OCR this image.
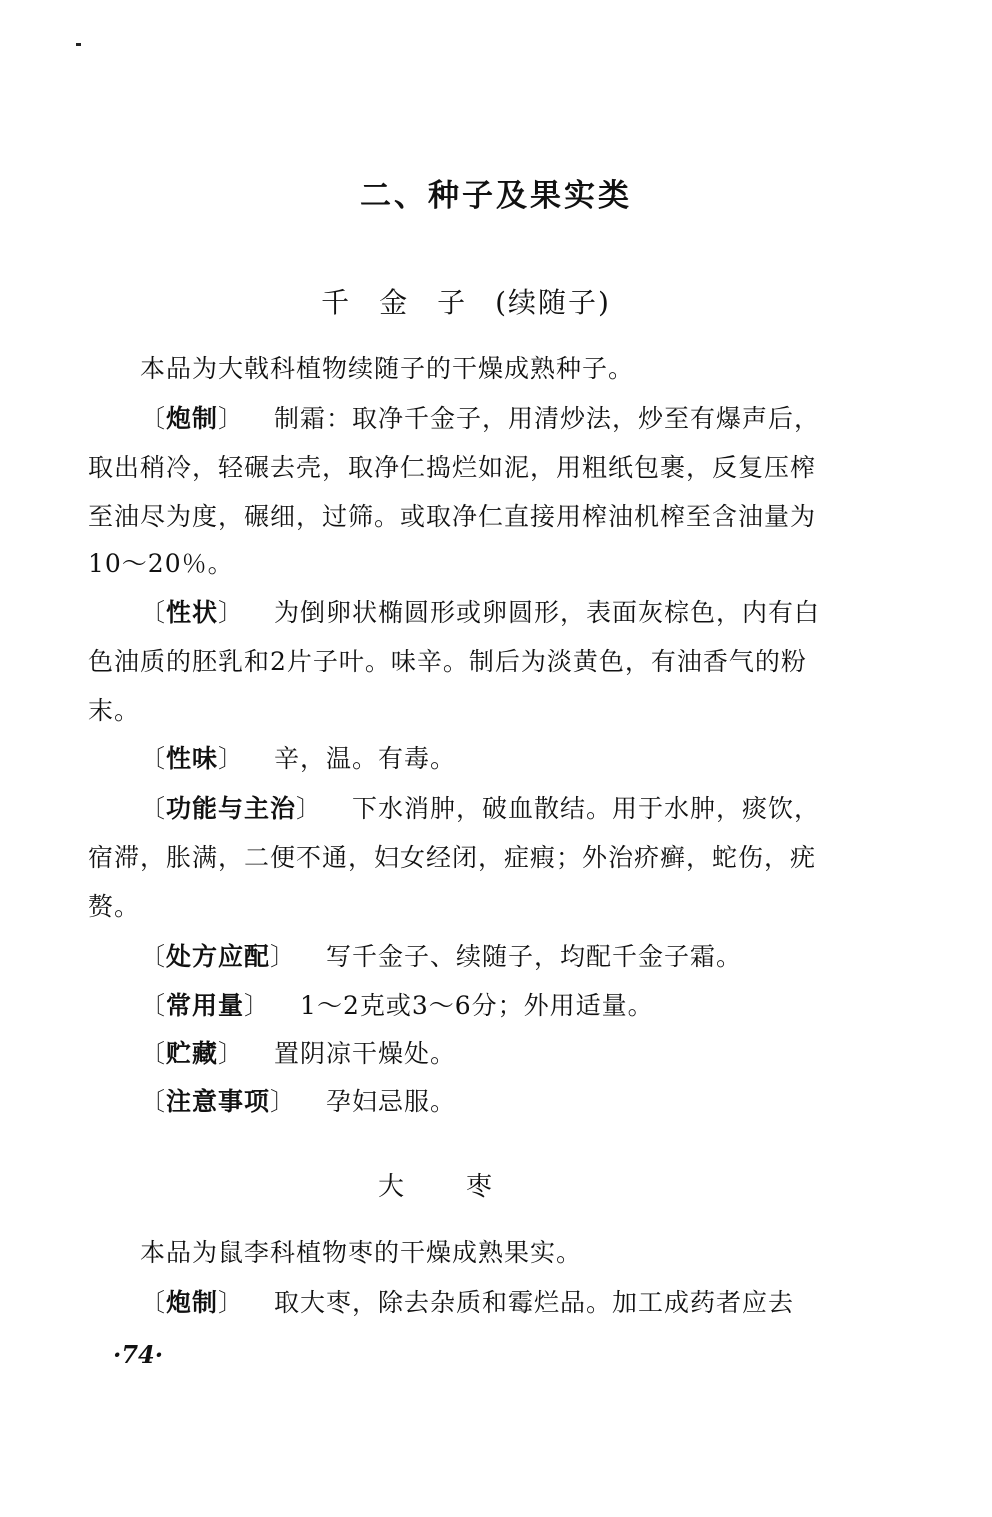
二、种子及果实类
千金子(续随子)
本品为大戟科植物续随子的干燥成熟种子。
〔炮制〕 制霜：取净千金子，用清炒法，炒至有爆声后，
取出稍冷，轻碾去壳，取净仁捣烂如泥，用粗纸包裹，反复压榨
至油尽为度，碾细，过筛。或取净仁直接用榨油机榨至含油量为
10～20％。
〔性状〕 为倒卵状椭圆形或卵圆形，表面灰棕色，内有白
色油质的胚乳和2片子叶。味辛。制后为淡黄色，有油香气的粉
末。
〔性味〕 辛，温。有毒。
〔功能与主治〕 下水消肿，破血散结。用于水肿，痰饮，
宿滞，胀满，二便不通，妇女经闭，症瘕；外治疥癣，蛇伤，疣
赘。
〔处方应配〕 写千金子、续随子，均配千金子霜。
〔常用量〕 1～2克或3～6分；外用适量。
〔贮藏〕 置阴凉干燥处。
〔注意事项〕 孕妇忌服。
大枣
本品为鼠李科植物枣的干燥成熟果实。
〔炮制〕 取大枣，除去杂质和霉烂品。加工成药者应去
·74·
